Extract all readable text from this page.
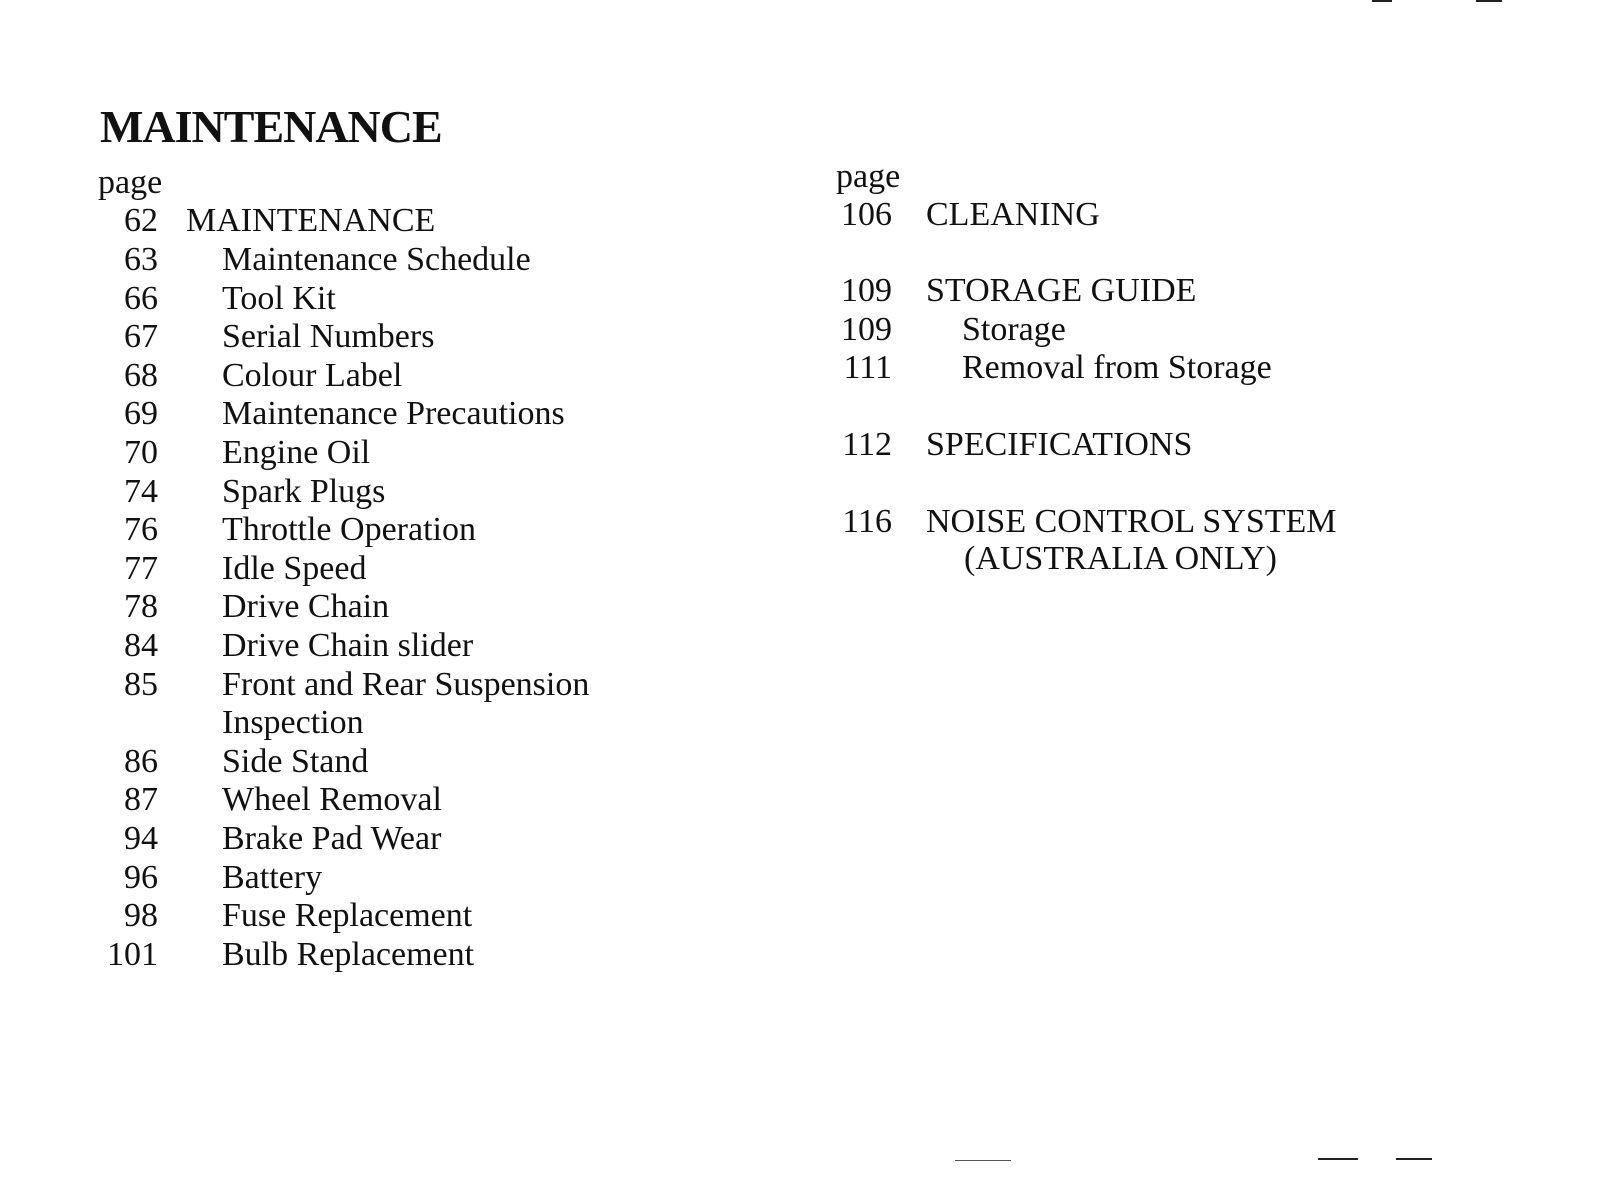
MAINTENANCE
page
62 MAINTENANCE
63 Maintenance Schedule
66 Tool Kit
67 Serial Numbers
68 Colour Label
69 Maintenance Precautions
70 Engine Oil
74 Spark Plugs
76 Throttle Operation
77 Idle Speed
78 Drive Chain
84 Drive Chain slider
85 Front and Rear Suspension
Inspection
86 Side Stand
87 Wheel Removal
94 Brake Pad Wear
96 Battery
98 Fuse Replacement
101 Bulb Replacement
page
106 CLEANING
109 STORAGE GUIDE
109 Storage
111 Removal from Storage
112 SPECIFICATIONS
116 NOISE CONTROL SYSTEM
(AUSTRALIA ONLY)
